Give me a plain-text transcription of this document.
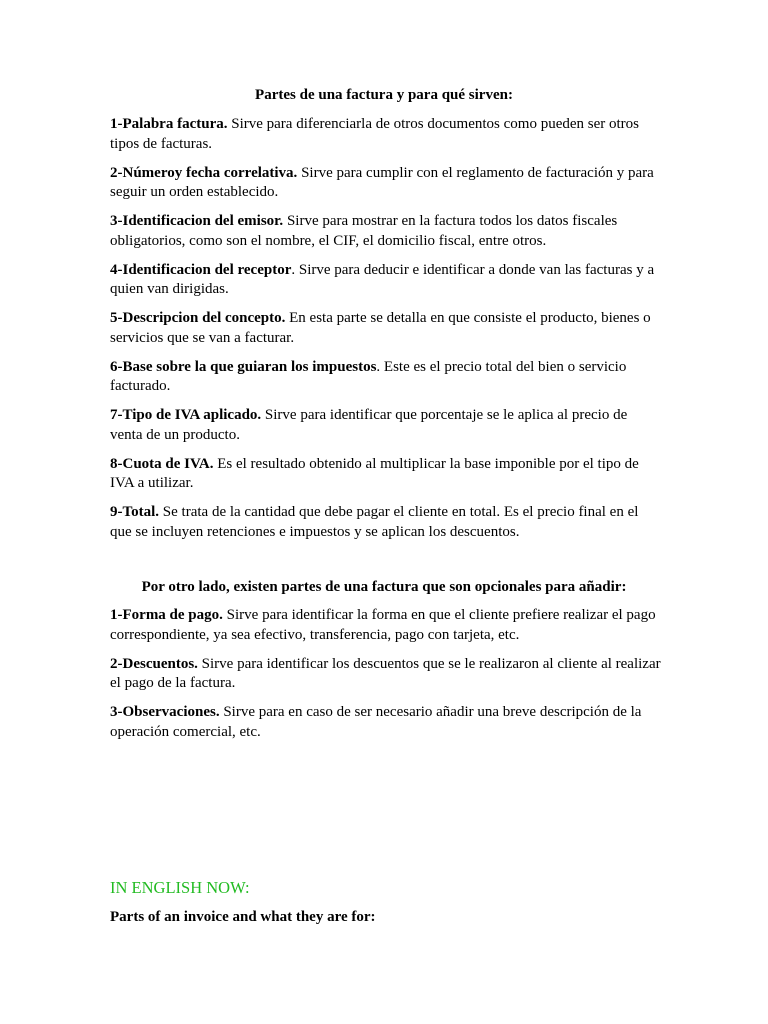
Partes de una factura y para qué sirven:
1-Palabra factura. Sirve para diferenciarla de otros documentos como pueden ser otros tipos de facturas.
2-Númeroy fecha correlativa. Sirve para cumplir con el reglamento de facturación y para seguir un orden establecido.
3-Identificacion del emisor. Sirve para mostrar en la factura todos los datos fiscales obligatorios, como son el nombre, el CIF, el domicilio fiscal, entre otros.
4-Identificacion del receptor. Sirve para deducir e identificar a donde van las facturas y a quien van dirigidas.
5-Descripcion del concepto. En esta parte se detalla en que consiste el producto, bienes o servicios que se van a facturar.
6-Base sobre la que guiaran los impuestos. Este es el precio total del bien o servicio facturado.
7-Tipo de IVA aplicado. Sirve para identificar que porcentaje se le aplica al precio de venta de un producto.
8-Cuota de IVA. Es el resultado obtenido al multiplicar la base imponible por el tipo de IVA a utilizar.
9-Total. Se trata de la cantidad que debe pagar el cliente en total. Es el precio final en el que se incluyen retenciones e impuestos y se aplican los descuentos.
Por otro lado, existen partes de una factura que son opcionales para añadir:
1-Forma de pago. Sirve para identificar la forma en que el cliente prefiere realizar el pago correspondiente, ya sea efectivo, transferencia, pago con tarjeta, etc.
2-Descuentos. Sirve para identificar los descuentos que se le realizaron al cliente al realizar el pago de la factura.
3-Observaciones. Sirve para en caso de ser necesario añadir una breve descripción de la operación comercial, etc.
IN ENGLISH NOW:
Parts of an invoice and what they are for:
